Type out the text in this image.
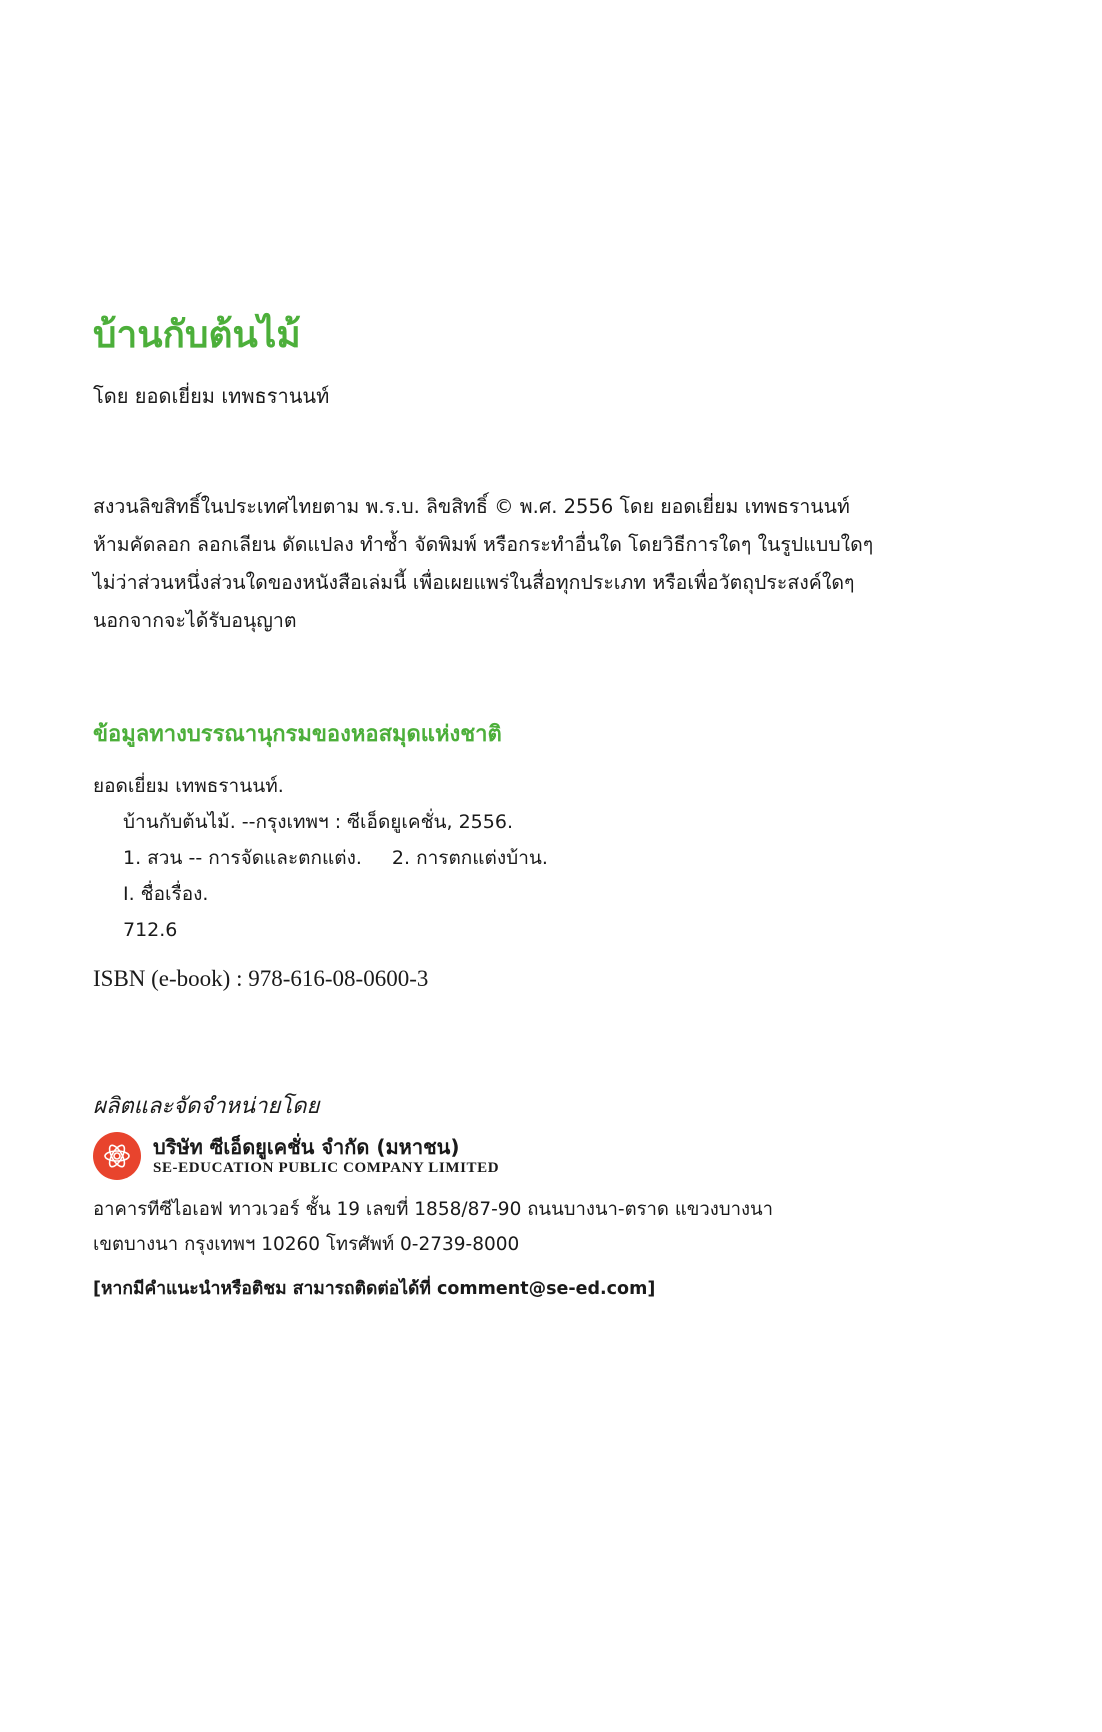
บ้านกับต้นไม้
โดย ยอดเยี่ยม เทพธรานนท์
สงวนลิขสิทธิ์ในประเทศไทยตาม พ.ร.บ. ลิขสิทธิ์ © พ.ศ. 2556 โดย ยอดเยี่ยม เทพธรานนท์
ห้ามคัดลอก ลอกเลียน ดัดแปลง ทำซ้ำ จัดพิมพ์ หรือกระทำอื่นใด โดยวิธีการใดๆ ในรูปแบบใดๆ
ไม่ว่าส่วนหนึ่งส่วนใดของหนังสือเล่มนี้ เพื่อเผยแพร่ในสื่อทุกประเภท หรือเพื่อวัตถุประสงค์ใดๆ
นอกจากจะได้รับอนุญาต
ข้อมูลทางบรรณานุกรมของหอสมุดแห่งชาติ
ยอดเยี่ยม เทพธรานนท์.
บ้านกับต้นไม้. --กรุงเทพฯ : ซีเอ็ดยูเคชั่น, 2556.
1. สวน -- การจัดและตกแต่ง. 2. การตกแต่งบ้าน.
I. ชื่อเรื่อง.
712.6
ISBN (e-book) : 978-616-08-0600-3
ผลิตและจัดจำหน่ายโดย
บริษัท ซีเอ็ดยูเคชั่น จำกัด (มหาชน)
SE-EDUCATION PUBLIC COMPANY LIMITED
อาคารทีซีไอเอฟ ทาวเวอร์ ชั้น 19 เลขที่ 1858/87-90 ถนนบางนา-ตราด แขวงบางนา
เขตบางนา กรุงเทพฯ 10260 โทรศัพท์ 0-2739-8000
[หากมีคำแนะนำหรือติชม สามารถติดต่อได้ที่ comment@se-ed.com]
